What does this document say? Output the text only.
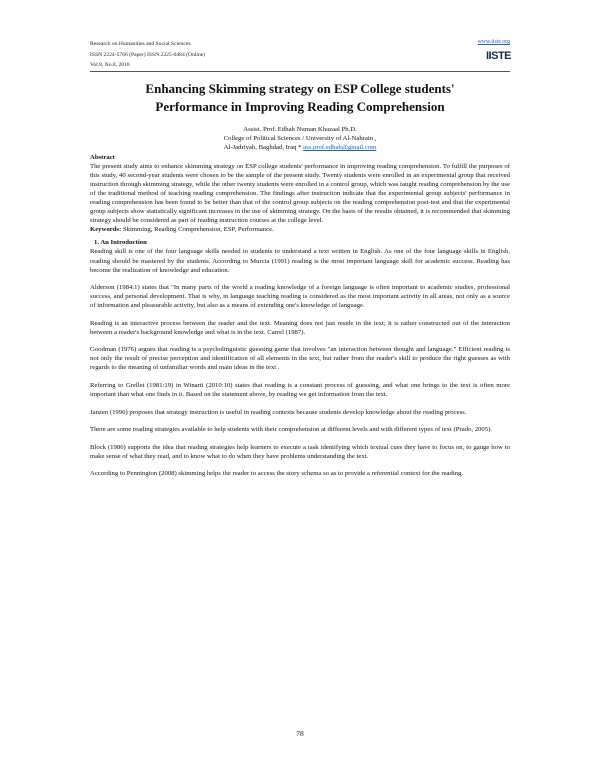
Research on Humanities and Social Sciences
ISSN 2224-5766 (Paper) ISSN 2225-0484 (Online)
Vol.8, No.8, 2018
www.iiste.org
IISTE
Enhancing Skimming strategy on ESP College students'
Performance in Improving Reading Comprehension
Assist. Prof. Edhah Numan Khazaal Ph.D.
College of Political Sciences / University of Al-Nahrain ,
Al-Jadriyah, Baghdad, Iraq * ass.prof.edhah@gmail.com

Abstract

The present study aims to enhance skimming strategy on ESP college students' performance in improving reading comprehension. To fulfill the purposes of this study, 40 second-year students were chosen to be the sample of the present study. Twenty students were enrolled in an experimental group that received instruction through skimming strategy, while the other twenty students were enrolled in a control group, which was taught reading comprehension by the use of the traditional method of teaching reading comprehension. The findings after instruction indicate that the experimental group subjects' performance in reading comprehension has been found to be better than that of the control group subjects on the reading comprehension post-test and that the experimental group subjects show statistically significant increases in the use of skimming strategy. On the basis of the results obtained, it is recommended that skimming strategy should be considered as part of reading instruction courses at the college level.

Keywords: Skimming, Reading Comprehension, ESP, Performance.

1. An Introduction

Reading skill is one of the four language skills needed to students to understand a text written in English. As one of the four language skills in English, reading should be mastered by the students. According to Murcia (1991) reading is the most important language skill for academic success. Reading has become the realization of knowledge and education.

Alderson (1984:1) states that "In many parts of the world a reading knowledge of a foreign language is often important to academic studies, professional success, and personal development. That is why, in language teaching reading is considered as the most important activity in all areas, not only as a source of information and pleasurable activity, but also as a means of extending one's knowledge of language.

Reading is an interactive process between the reader and the text. Meaning does not just reside in the text; it is rather constructed out of the interaction between a reader's background knowledge and what is in the text. Carrel (1987).

Goodman (1976) argues that reading is a psycholinguistic guessing game that involves "an interaction between thought and language." Efficient reading is not only the result of precise perception and identification of all elements in the text, but rather from the reader's skill to produce the right guesses as with regards to the meaning of unfamiliar words and main ideas in the text .

Referring to Grellet (1981:19) in Winarti (2010:10) states that reading is a constant process of guessing, and what one brings to the text is often more important than what one finds in it. Based on the statement above, by reading we get information from the text.

Janzen (1996) proposes that strategy instruction is useful in reading contexts because students develop knowledge about the reading process.

There are some reading strategies available to help students with their comprehension at different levels and with different types of text (Prado, 2005).

Block (1986) supports the idea that reading strategies help learners to execute a task identifying which textual cues they have to focus on, to gauge how to make sense of what they read, and to know what to do when they have problems understanding the text.

According to Pennington (2008) skimming helps the reader to access the story schema so as to provide a referential context for the reading.

78
